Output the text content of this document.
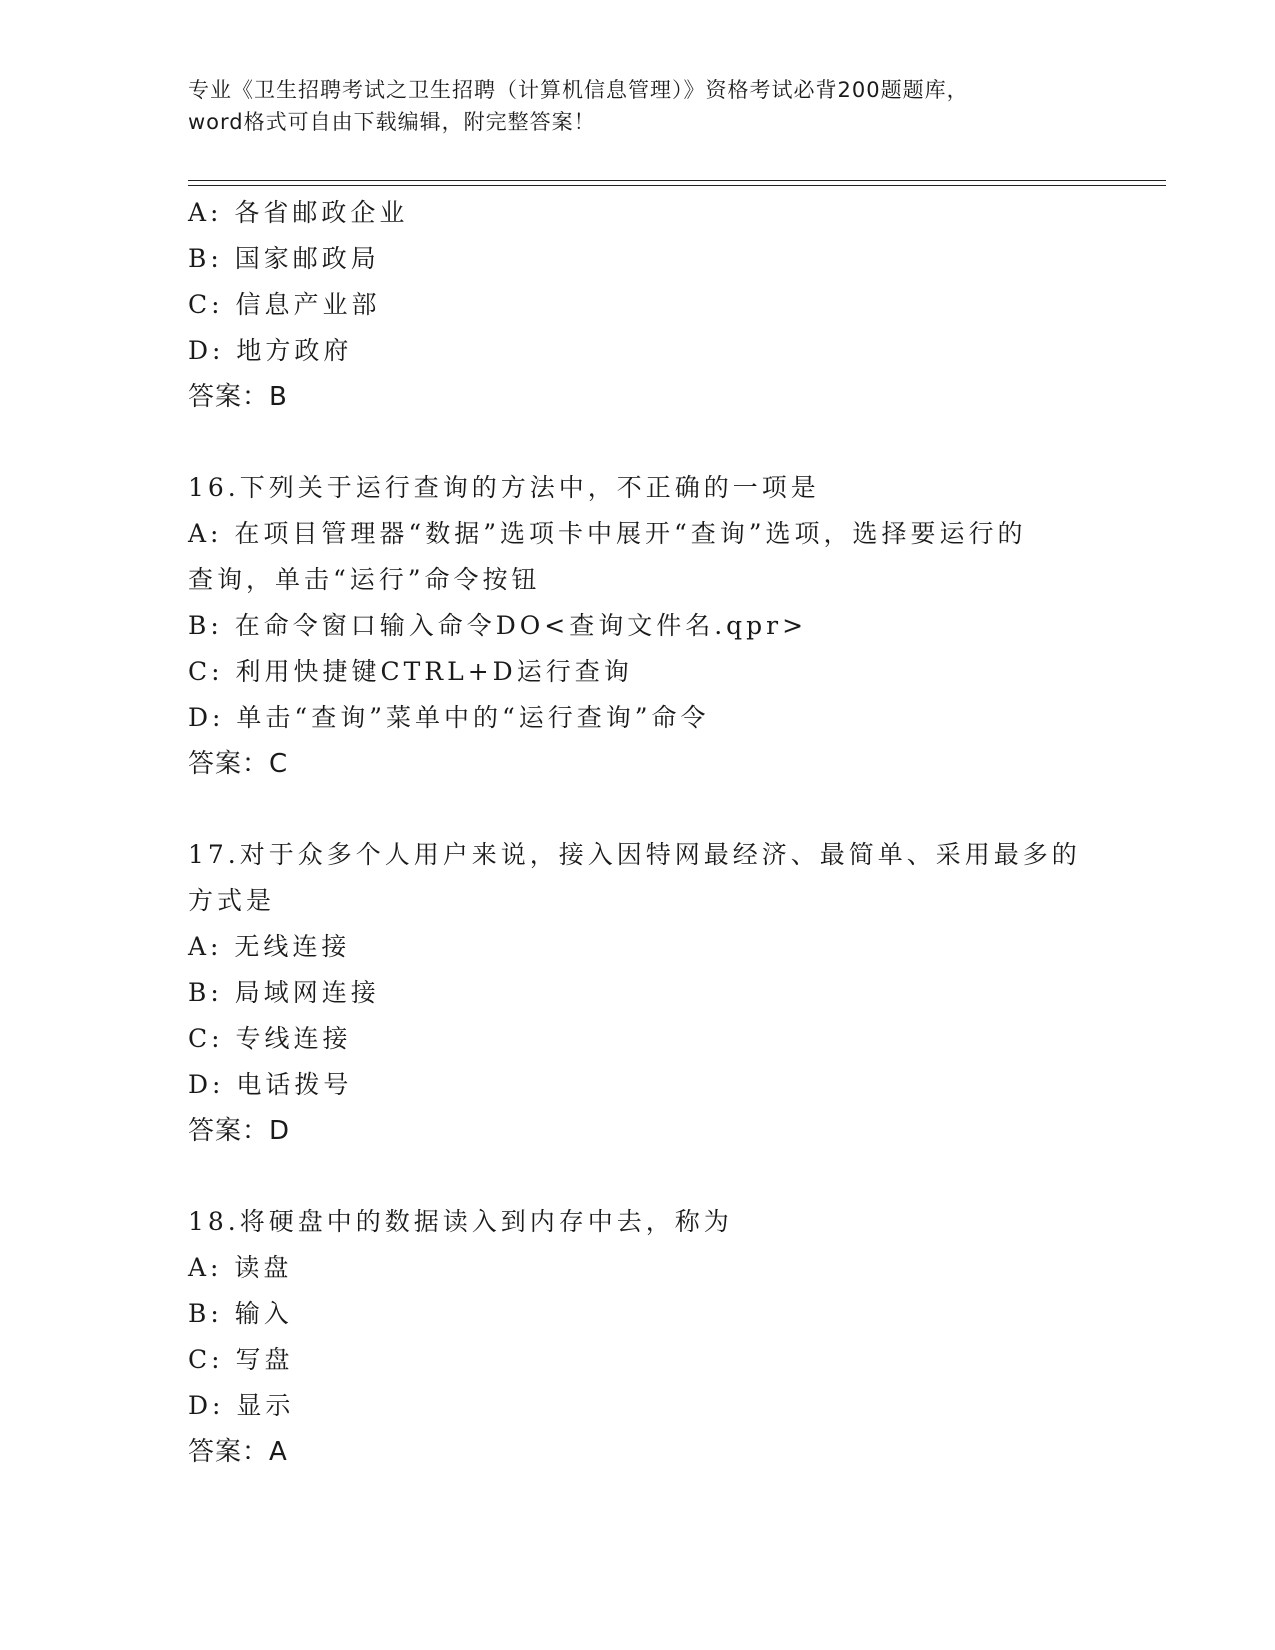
专业《卫生招聘考试之卫生招聘（计算机信息管理）》资格考试必背200题题库，
word格式可自由下载编辑，附完整答案！
A: 各省邮政企业
B: 国家邮政局
C: 信息产业部
D: 地方政府
答案：B
16.下列关于运行查询的方法中，不正确的一项是
A: 在项目管理器“数据”选项卡中展开“查询”选项，选择要运行的
查询，单击“运行”命令按钮
B: 在命令窗口输入命令DO<查询文件名.qpr>
C: 利用快捷键CTRL+D运行查询
D: 单击“查询”菜单中的“运行查询”命令
答案：C
17.对于众多个人用户来说，接入因特网最经济、最简单、采用最多的
方式是
A: 无线连接
B: 局域网连接
C: 专线连接
D: 电话拨号
答案：D
18.将硬盘中的数据读入到内存中去，称为
A: 读盘
B: 输入
C: 写盘
D: 显示
答案：A
